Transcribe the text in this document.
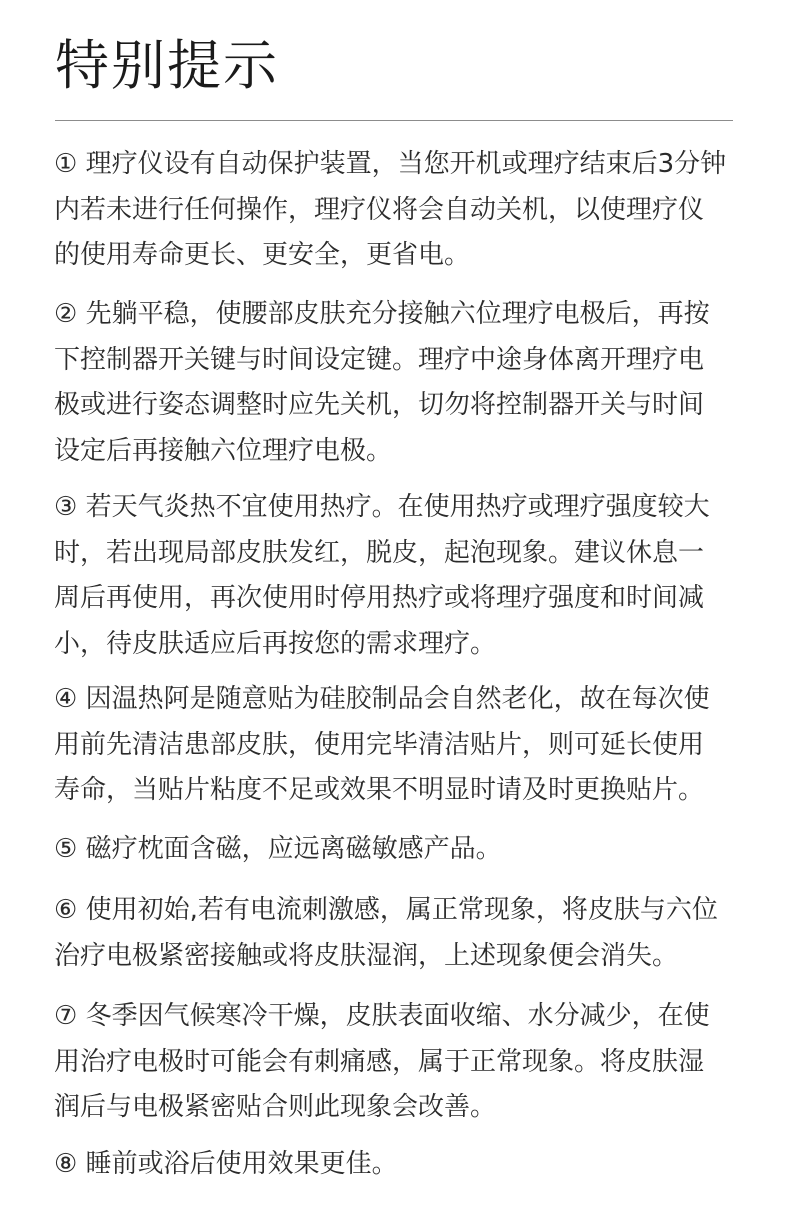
特别提示
① 理疗仪设有自动保护装置，当您开机或理疗结束后3分钟
内若未进行任何操作，理疗仪将会自动关机，以使理疗仪
的使用寿命更长、更安全，更省电。
② 先躺平稳，使腰部皮肤充分接触六位理疗电极后，再按
下控制器开关键与时间设定键。理疗中途身体离开理疗电
极或进行姿态调整时应先关机，切勿将控制器开关与时间
设定后再接触六位理疗电极。
③ 若天气炎热不宜使用热疗。在使用热疗或理疗强度较大
时，若出现局部皮肤发红，脱皮，起泡现象。建议休息一
周后再使用，再次使用时停用热疗或将理疗强度和时间减
小，待皮肤适应后再按您的需求理疗。
④ 因温热阿是随意贴为硅胶制品会自然老化，故在每次使
用前先清洁患部皮肤，使用完毕清洁贴片，则可延长使用
寿命，当贴片粘度不足或效果不明显时请及时更换贴片。
⑤ 磁疗枕面含磁，应远离磁敏感产品。
⑥ 使用初始,若有电流刺激感，属正常现象，将皮肤与六位
治疗电极紧密接触或将皮肤湿润，上述现象便会消失。
⑦ 冬季因气候寒冷干燥，皮肤表面收缩、水分减少，在使
用治疗电极时可能会有刺痛感，属于正常现象。将皮肤湿
润后与电极紧密贴合则此现象会改善。
⑧ 睡前或浴后使用效果更佳。
